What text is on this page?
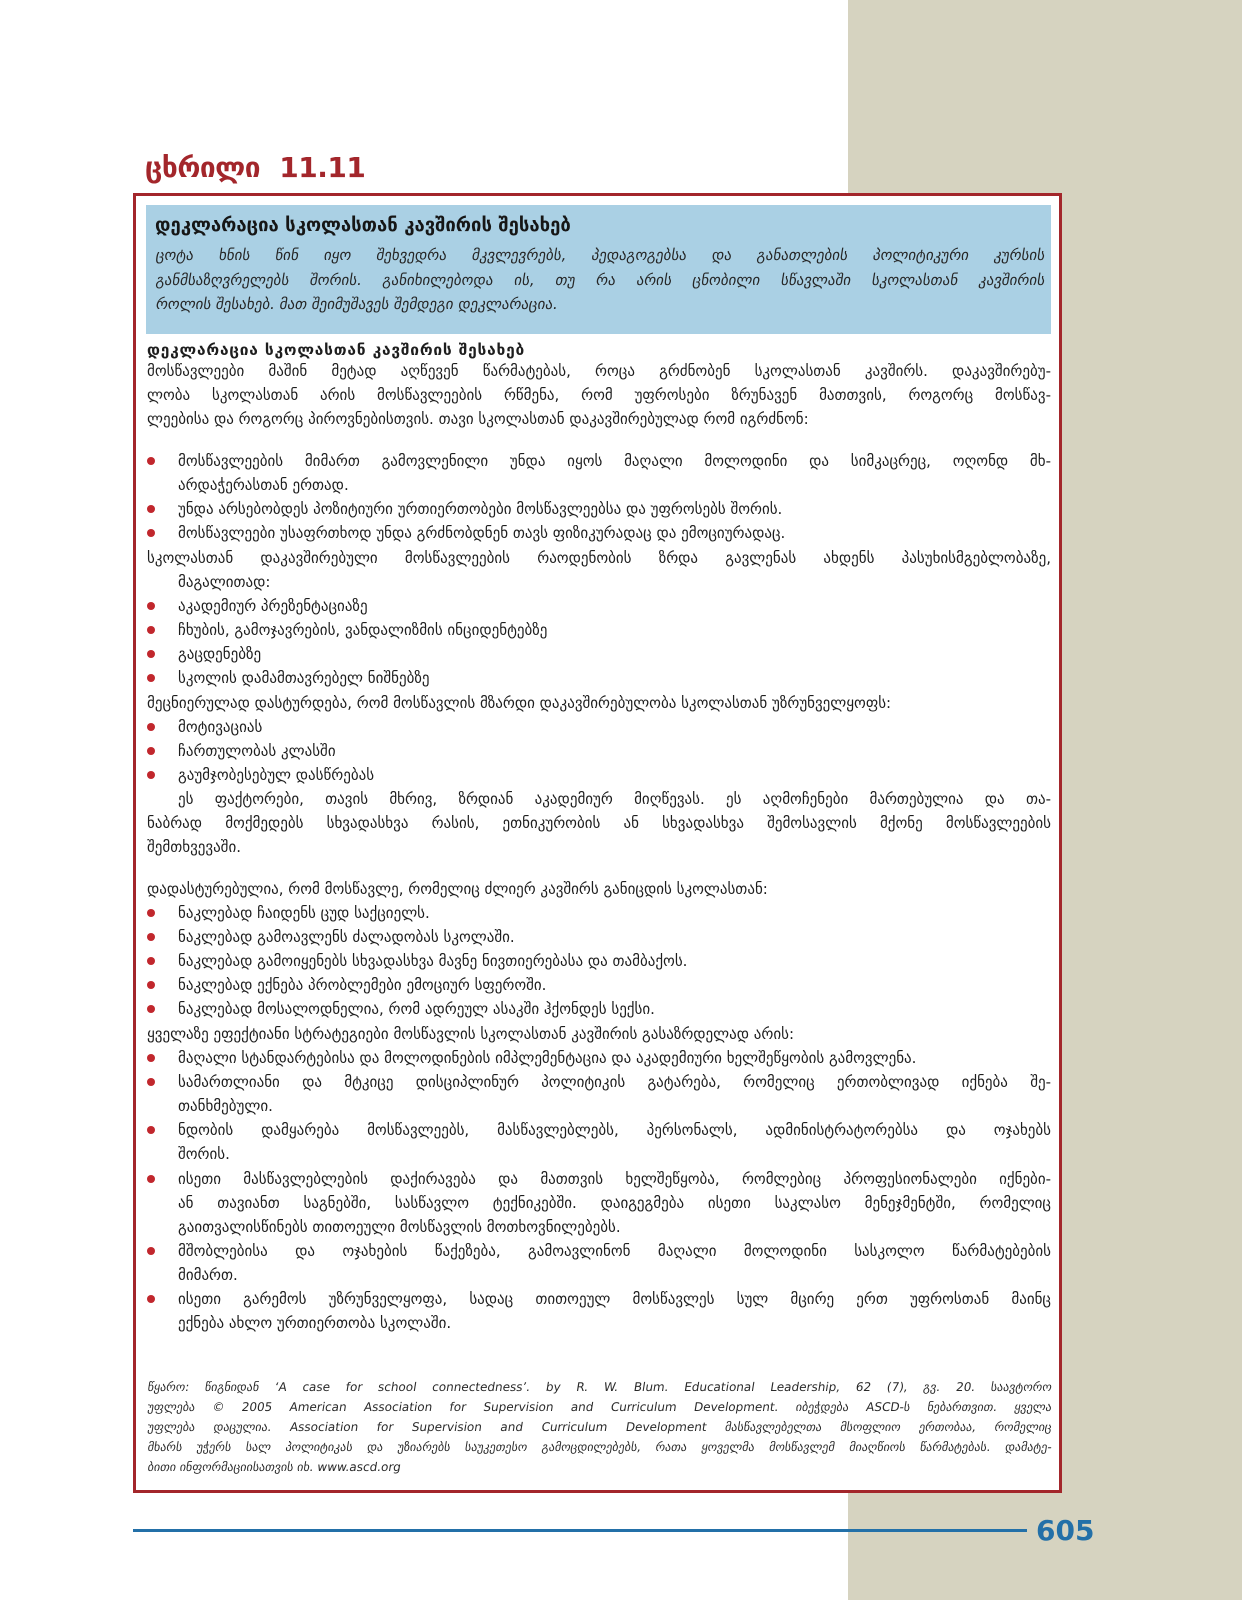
ცხრილი 11.11
დეკლარაცია სკოლასთან კავშირის შესახებ
ცოტა ხნის წინ იყო შეხვედრა მკვლევრებს, პედაგოგებსა და განათლების პოლიტიკური კურსის
განმსაზღვრელებს შორის. განიხილებოდა ის, თუ რა არის ცნობილი სწავლაში სკოლასთან კავშირის
როლის შესახებ. მათ შეიმუშავეს შემდეგი დეკლარაცია.
დეკლარაცია სკოლასთან კავშირის შესახებ
მოსწავლეები მაშინ მეტად აღწევენ წარმატებას, როცა გრძნობენ სკოლასთან კავშირს. დაკავშირებუ-
ლობა სკოლასთან არის მოსწავლეების რწმენა, რომ უფროსები ზრუნავენ მათთვის, როგორც მოსწავ-
ლეებისა და როგორც პიროვნებისთვის. თავი სკოლასთან დაკავშირებულად რომ იგრძნონ:
მოსწავლეების მიმართ გამოვლენილი უნდა იყოს მაღალი მოლოდინი და სიმკაცრეც, ოღონდ მხ-
არდაჭერასთან ერთად.
უნდა არსებობდეს პოზიტიური ურთიერთობები მოსწავლეებსა და უფროსებს შორის.
მოსწავლეები უსაფრთხოდ უნდა გრძნობდნენ თავს ფიზიკურადაც და ემოციურადაც.
სკოლასთან დაკავშირებული მოსწავლეების რაოდენობის ზრდა გავლენას ახდენს პასუხისმგებლობაზე,
მაგალითად:
აკადემიურ პრეზენტაციაზე
ჩხუბის, გამოჯავრების, ვანდალიზმის ინციდენტებზე
გაცდენებზე
სკოლის დამამთავრებელ ნიშნებზე
მეცნიერულად დასტურდება, რომ მოსწავლის მზარდი დაკავშირებულობა სკოლასთან უზრუნველყოფს:
მოტივაციას
ჩართულობას კლასში
გაუმჯობესებულ დასწრებას
ეს ფაქტორები, თავის მხრივ, ზრდიან აკადემიურ მიღწევას. ეს აღმოჩენები მართებულია და თა-
ნაბრად მოქმედებს სხვადასხვა რასის, ეთნიკურობის ან სხვადასხვა შემოსავლის მქონე მოსწავლეების
შემთხვევაში.
დადასტურებულია, რომ მოსწავლე, რომელიც ძლიერ კავშირს განიცდის სკოლასთან:
ნაკლებად ჩაიდენს ცუდ საქციელს.
ნაკლებად გამოავლენს ძალადობას სკოლაში.
ნაკლებად გამოიყენებს სხვადასხვა მავნე ნივთიერებასა და თამბაქოს.
ნაკლებად ექნება პრობლემები ემოციურ სფეროში.
ნაკლებად მოსალოდნელია, რომ ადრეულ ასაკში ჰქონდეს სექსი.
ყველაზე ეფექტიანი სტრატეგიები მოსწავლის სკოლასთან კავშირის გასაზრდელად არის:
მაღალი სტანდარტებისა და მოლოდინების იმპლემენტაცია და აკადემიური ხელშეწყობის გამოვლენა.
სამართლიანი და მტკიცე დისციპლინურ პოლიტიკის გატარება, რომელიც ერთობლივად იქნება შე-
თანხმებული.
ნდობის დამყარება მოსწავლეებს, მასწავლებლებს, პერსონალს, ადმინისტრატორებსა და ოჯახებს
შორის.
ისეთი მასწავლებლების დაქირავება და მათთვის ხელშეწყობა, რომლებიც პროფესიონალები იქნები-
ან თავიანთ საგნებში, სასწავლო ტექნიკებში. დაიგეგმება ისეთი საკლასო მენეჯმენტში, რომელიც
გაითვალისწინებს თითოეული მოსწავლის მოთხოვნილებებს.
მშობლებისა და ოჯახების წაქეზება, გამოავლინონ მაღალი მოლოდინი სასკოლო წარმატებების
მიმართ.
ისეთი გარემოს უზრუნველყოფა, სადაც თითოეულ მოსწავლეს სულ მცირე ერთ უფროსთან მაინც
ექნება ახლო ურთიერთობა სკოლაში.
წყარო: წიგნიდან ‘A case for school connectedness’. by R. W. Blum. Educational Leadership, 62 (7), გვ. 20. საავტორო
უფლება © 2005 American Association for Supervision and Curriculum Development. იბეჭდება ASCD-ს ნებართვით. ყველა
უფლება დაცულია. Association for Supervision and Curriculum Development მასწავლებელთა მსოფლიო ერთობაა, რომელიც
მხარს უჭერს სალ პოლიტიკას და უზიარებს საუკეთესო გამოცდილებებს, რათა ყოველმა მოსწავლემ მიაღწიოს წარმატებას. დამატე-
ბითი ინფორმაციისათვის იხ. www.ascd.org
605
